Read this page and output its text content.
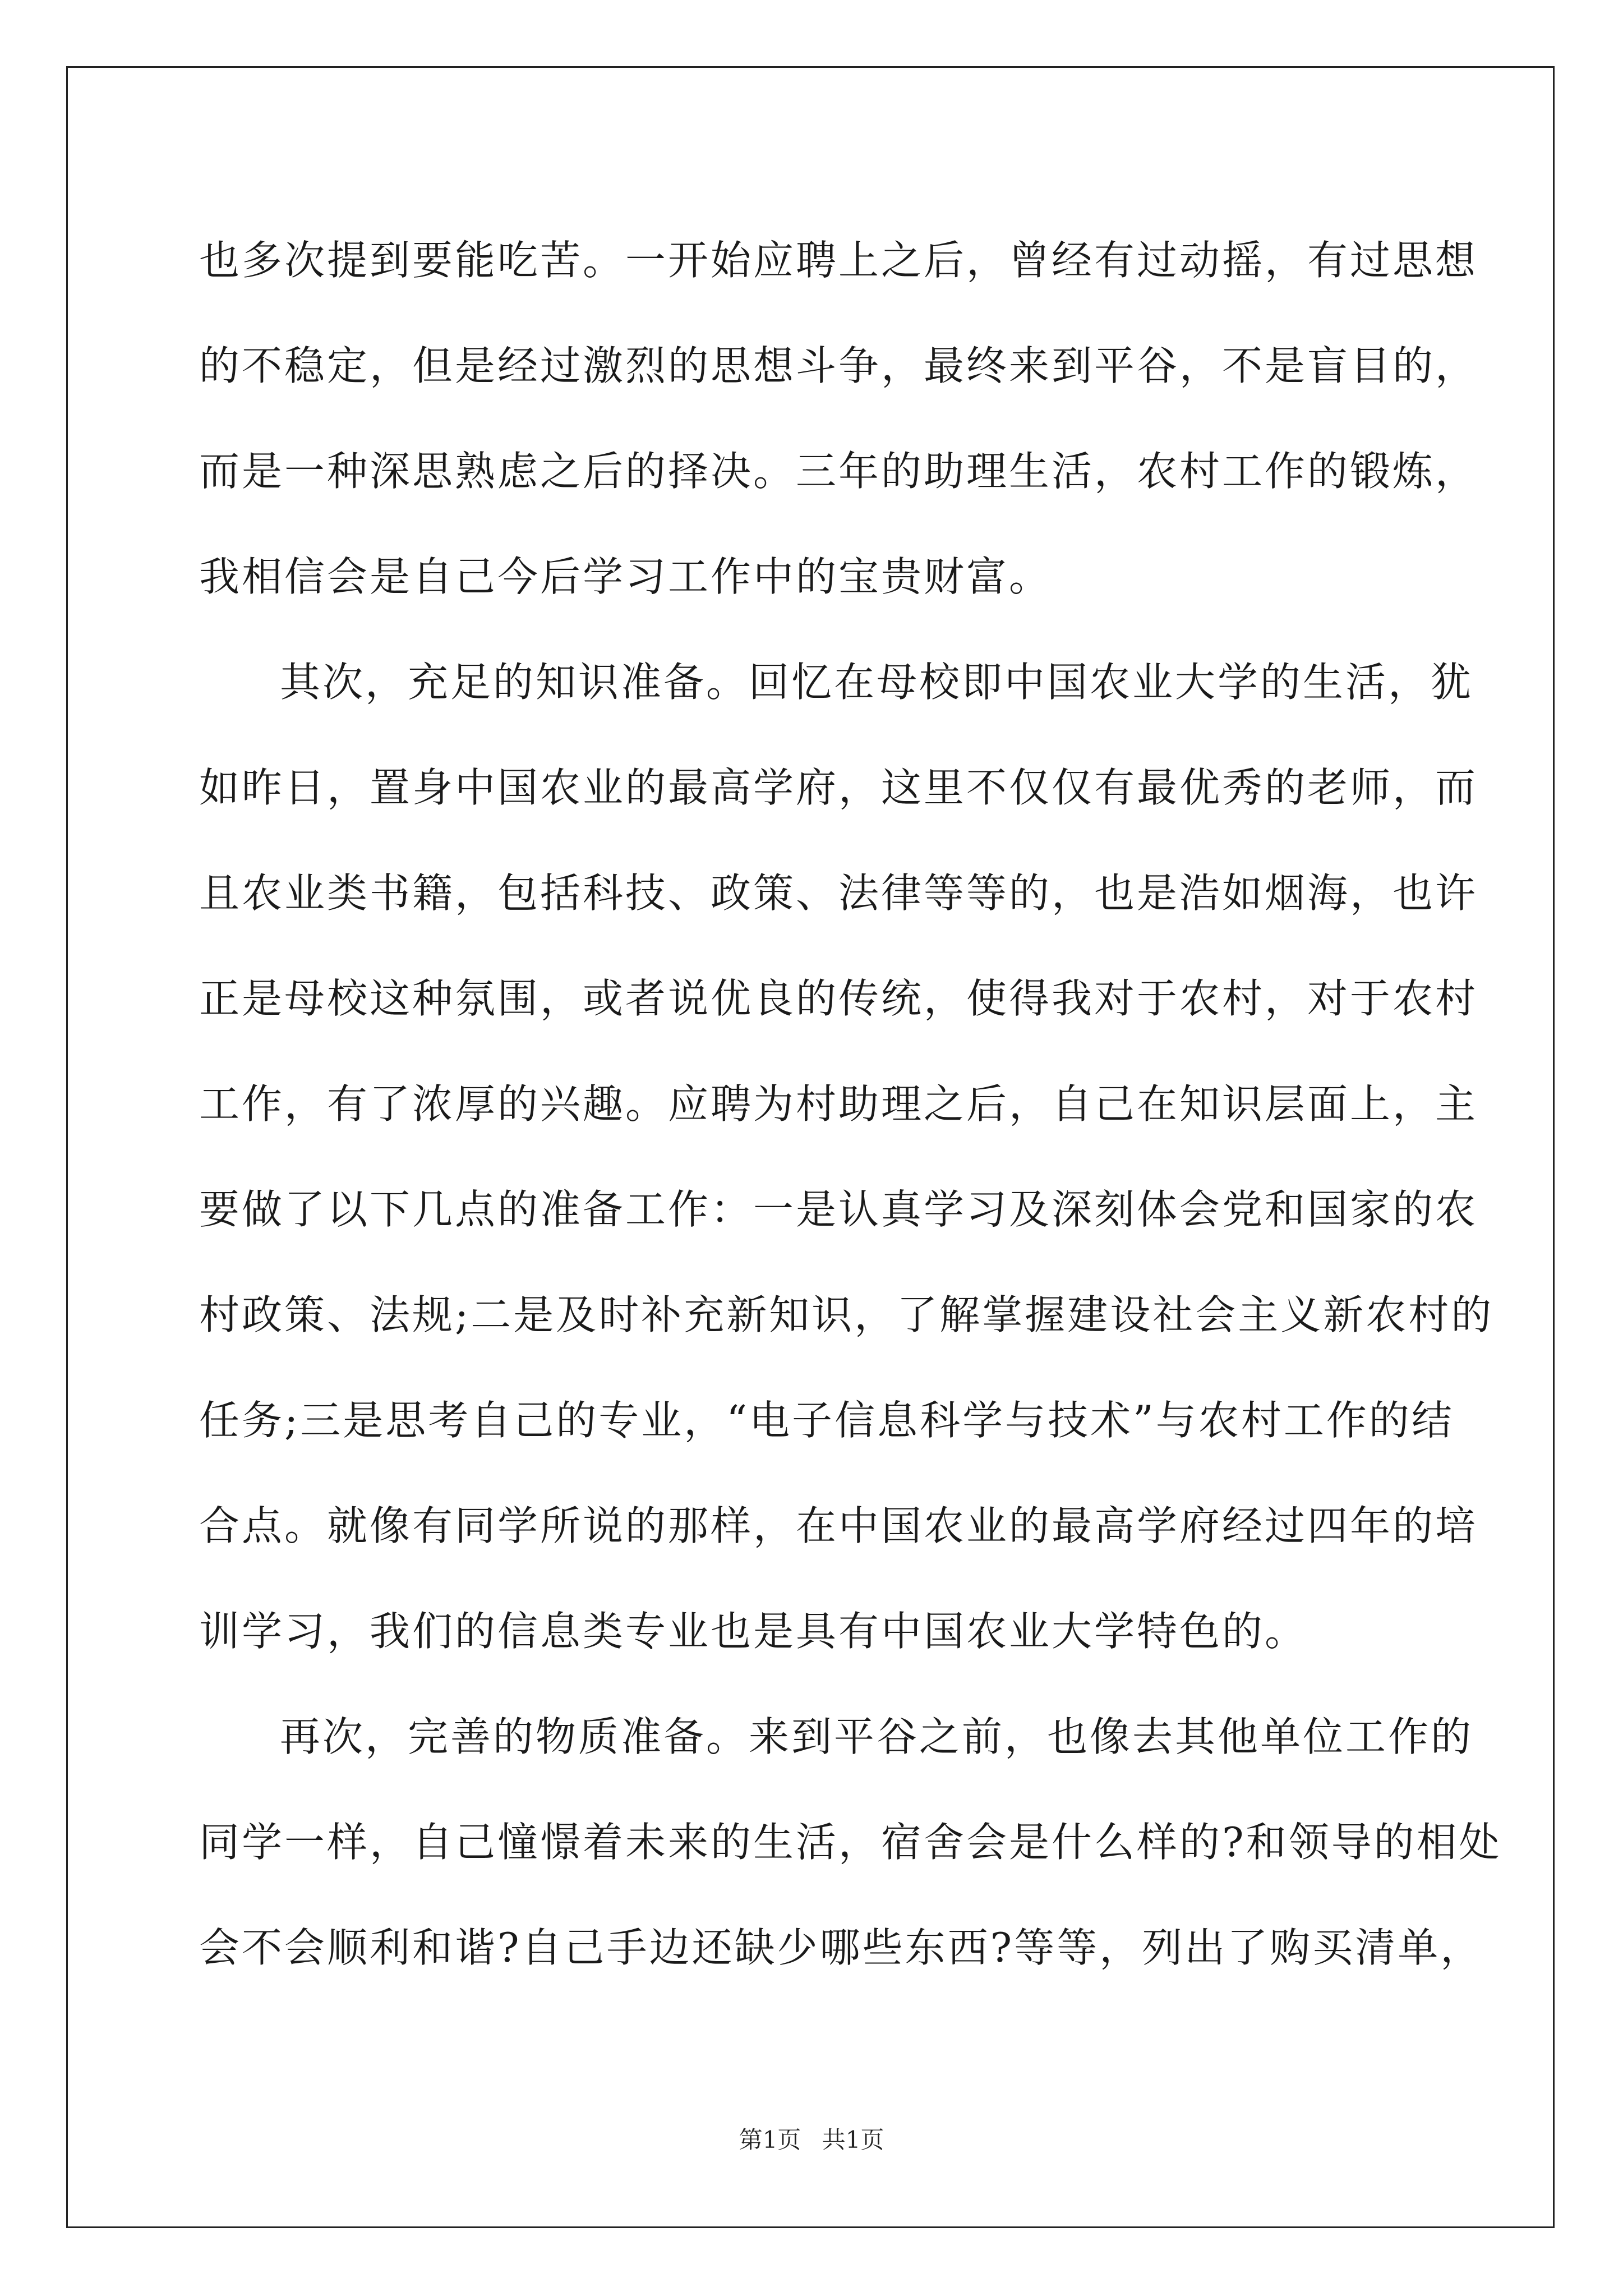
也多次提到要能吃苦。一开始应聘上之后，曾经有过动摇，有过思想
的不稳定，但是经过激烈的思想斗争，最终来到平谷，不是盲目的，
而是一种深思熟虑之后的择决。三年的助理生活，农村工作的锻炼，
我相信会是自己今后学习工作中的宝贵财富。
其次，充足的知识准备。回忆在母校即中国农业大学的生活，犹
如昨日，置身中国农业的最高学府，这里不仅仅有最优秀的老师，而
且农业类书籍，包括科技、政策、法律等等的，也是浩如烟海，也许
正是母校这种氛围，或者说优良的传统，使得我对于农村，对于农村
工作，有了浓厚的兴趣。应聘为村助理之后，自己在知识层面上，主
要做了以下几点的准备工作：一是认真学习及深刻体会党和国家的农
村政策、法规;二是及时补充新知识，了解掌握建设社会主义新农村的
任务;三是思考自己的专业，“电子信息科学与技术”与农村工作的结
合点。就像有同学所说的那样，在中国农业的最高学府经过四年的培
训学习，我们的信息类专业也是具有中国农业大学特色的。
再次，完善的物质准备。来到平谷之前，也像去其他单位工作的
同学一样，自己憧憬着未来的生活，宿舍会是什么样的?和领导的相处
会不会顺利和谐?自己手边还缺少哪些东西?等等，列出了购买清单，
第1页 共1页
